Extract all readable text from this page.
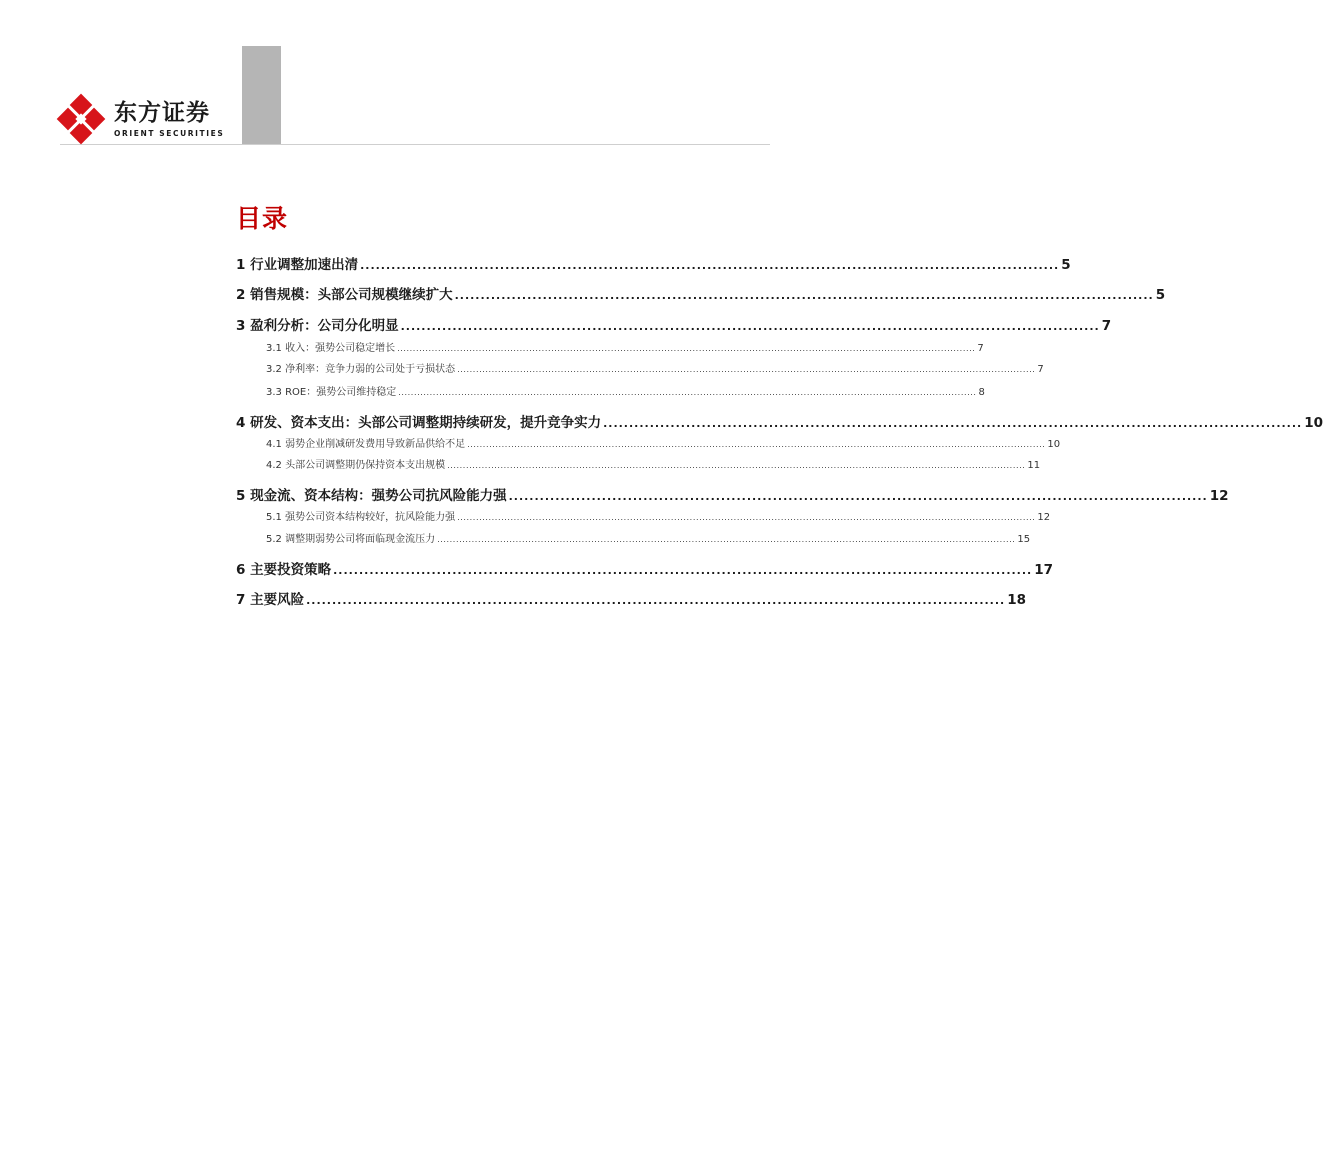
东方证券
ORIENT SECURITIES
目录
1 行业调整加速出清 ....................................................................................................................................... 5
2 销售规模：头部公司规模继续扩大 ....................................................................................................................................... 5
3 盈利分析：公司分化明显 ....................................................................................................................................... 7
3.1 收入：强势公司稳定增长 ........................................................................................................................................................................................ 7
3.2 净利率：竞争力弱的公司处于亏损状态 ........................................................................................................................................................................................ 7
3.3 ROE：强势公司维持稳定 ........................................................................................................................................................................................ 8
4 研发、资本支出：头部公司调整期持续研发，提升竞争实力 ....................................................................................................................................... 10
4.1 弱势企业削减研发费用导致新品供给不足 ........................................................................................................................................................................................ 10
4.2 头部公司调整期仍保持资本支出规模 ........................................................................................................................................................................................ 11
5 现金流、资本结构：强势公司抗风险能力强 ....................................................................................................................................... 12
5.1 强势公司资本结构较好，抗风险能力强 ........................................................................................................................................................................................ 12
5.2 调整期弱势公司将面临现金流压力 ........................................................................................................................................................................................ 15
6 主要投资策略 ....................................................................................................................................... 17
7 主要风险 ....................................................................................................................................... 18
